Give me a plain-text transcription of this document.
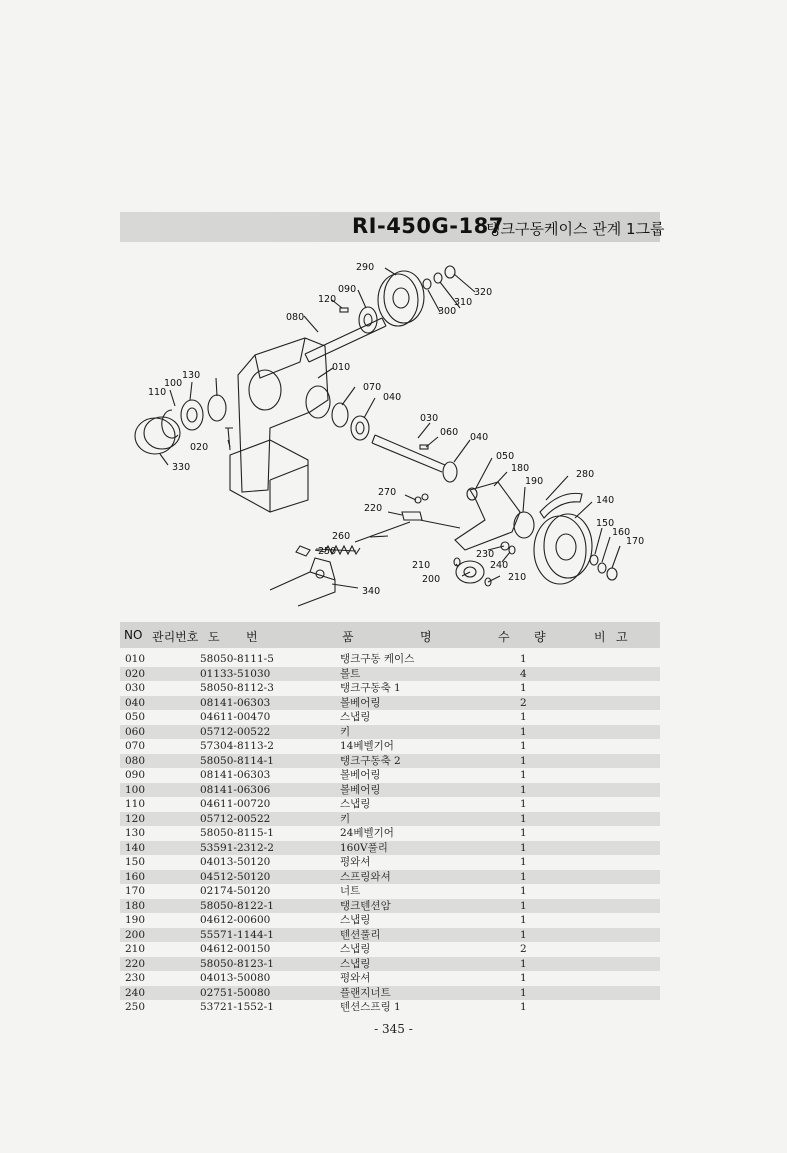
RI-450G-187
탱크구동케이스 관계 1그룹
290
090
120
080
320
310
300
010
130
100
110	070
040
030
060 040
020
330
050
180
190
280
270
220
140
150
160
170
260
250	230
240
210
200	210
340
NO 관리번호 도 번	품	명	수 량	비 고
010	58050-8111-5	탱크구동 케이스	1
020	01133-51030	볼트	4
030	58050-8112-3	탱크구동축 1	1
040	08141-06303	볼베어링	2
050	04611-00470	스냅링	1
060	05712-00522	키	1
070	57304-8113-2	14베벨기어	1
080	58050-8114-1	탱크구동축 2	1
090	08141-06303	볼베어링	1
100	08141-06306	볼베어링	1
110	04611-00720	스냅링	1
120	05712-00522	키	1
130	58050-8115-1	24베벨기어	1
140	53591-2312-2	160V풀리	1
150	04013-50120	평와셔	1
160	04512-50120	스프링와셔	1
170	02174-50120	너트	1
180	58050-8122-1	탱크텐션암	1
190	04612-00600	스냅링	1
200	55571-1144-1	텐션풀리	1
210	04612-00150	스냅링	2
220	58050-8123-1	스냅링	1
230	04013-50080	평와셔	1
240	02751-50080	플랜지너트	1
250	53721-1552-1	텐션스프링 1	1
- 345 -
